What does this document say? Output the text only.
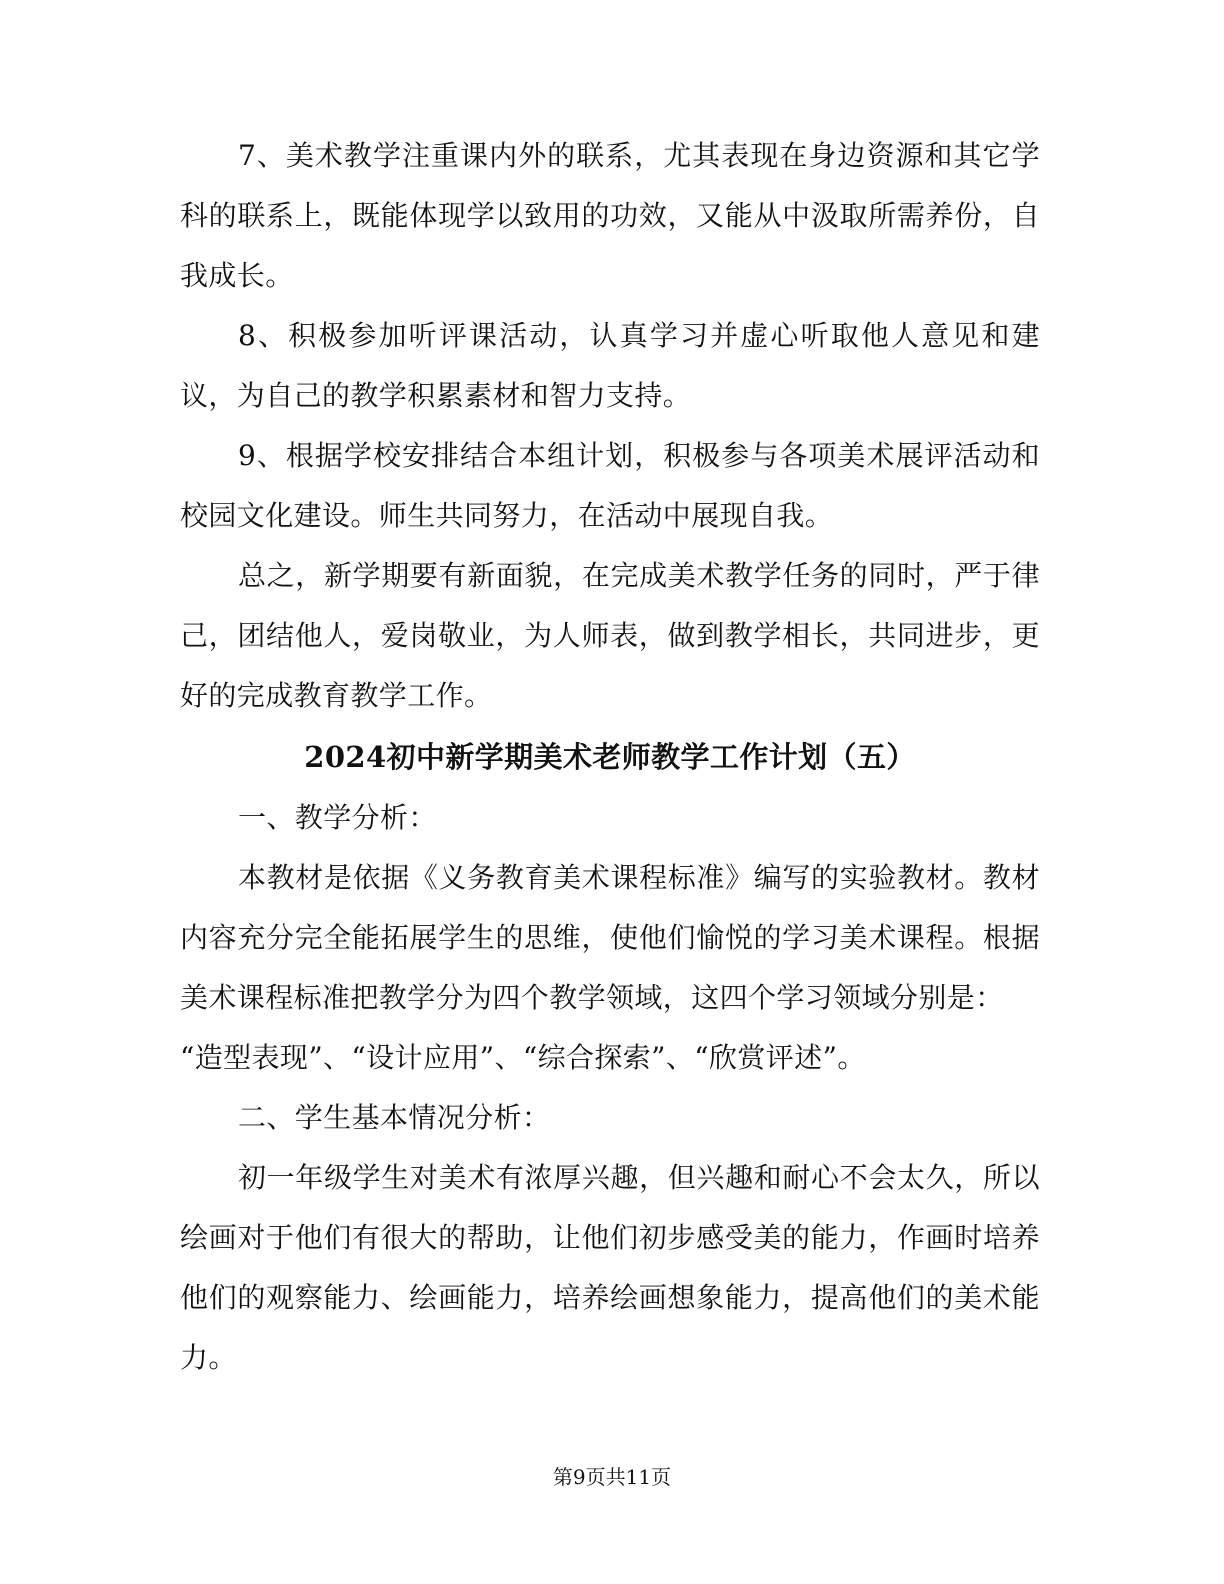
7、美术教学注重课内外的联系，尤其表现在身边资源和其它学科的联系上，既能体现学以致用的功效，又能从中汲取所需养份，自我成长。

8、积极参加听评课活动，认真学习并虚心听取他人意见和建议，为自己的教学积累素材和智力支持。

9、根据学校安排结合本组计划，积极参与各项美术展评活动和校园文化建设。师生共同努力，在活动中展现自我。

总之，新学期要有新面貌，在完成美术教学任务的同时，严于律己，团结他人，爱岗敬业，为人师表，做到教学相长，共同进步，更好的完成教育教学工作。

2024初中新学期美术老师教学工作计划（五）

一、教学分析：

本教材是依据《义务教育美术课程标准》编写的实验教材。教材内容充分完全能拓展学生的思维，使他们愉悦的学习美术课程。根据美术课程标准把教学分为四个教学领域，这四个学习领域分别是：

“造型表现”、“设计应用”、“综合探索”、“欣赏评述”。

二、学生基本情况分析：

初一年级学生对美术有浓厚兴趣，但兴趣和耐心不会太久，所以绘画对于他们有很大的帮助，让他们初步感受美的能力，作画时培养他们的观察能力、绘画能力，培养绘画想象能力，提高他们的美术能力。

第9页共11页
